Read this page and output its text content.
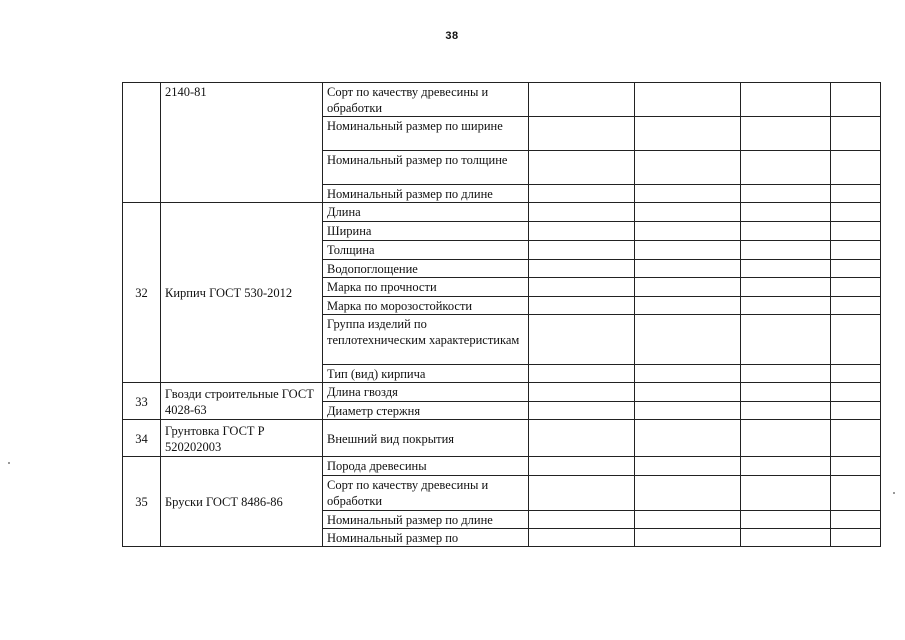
38
	2140-81	Сорт по качеству древесины и обработки				
		Номинальный размер по ширине				
		Номинальный размер по толщине				
		Номинальный размер по длине				
32	Кирпич ГОСТ 530-2012	Длина				
		Ширина				
		Толщина				
		Водопоглощение				
		Марка по прочности				
		Марка по морозостойкости				
		Группа изделий по теплотехническим характеристикам				
		Тип (вид) кирпича				
33	Гвозди строительные ГОСТ 4028-63	Длина гвоздя				
		Диаметр стержня				
34	Грунтовка ГОСТ Р 520202003	Внешний вид покрытия				
35	Бруски ГОСТ 8486-86	Порода древесины				
		Сорт по качеству древесины и обработки				
		Номинальный размер по длине				
		Номинальный размер по				
